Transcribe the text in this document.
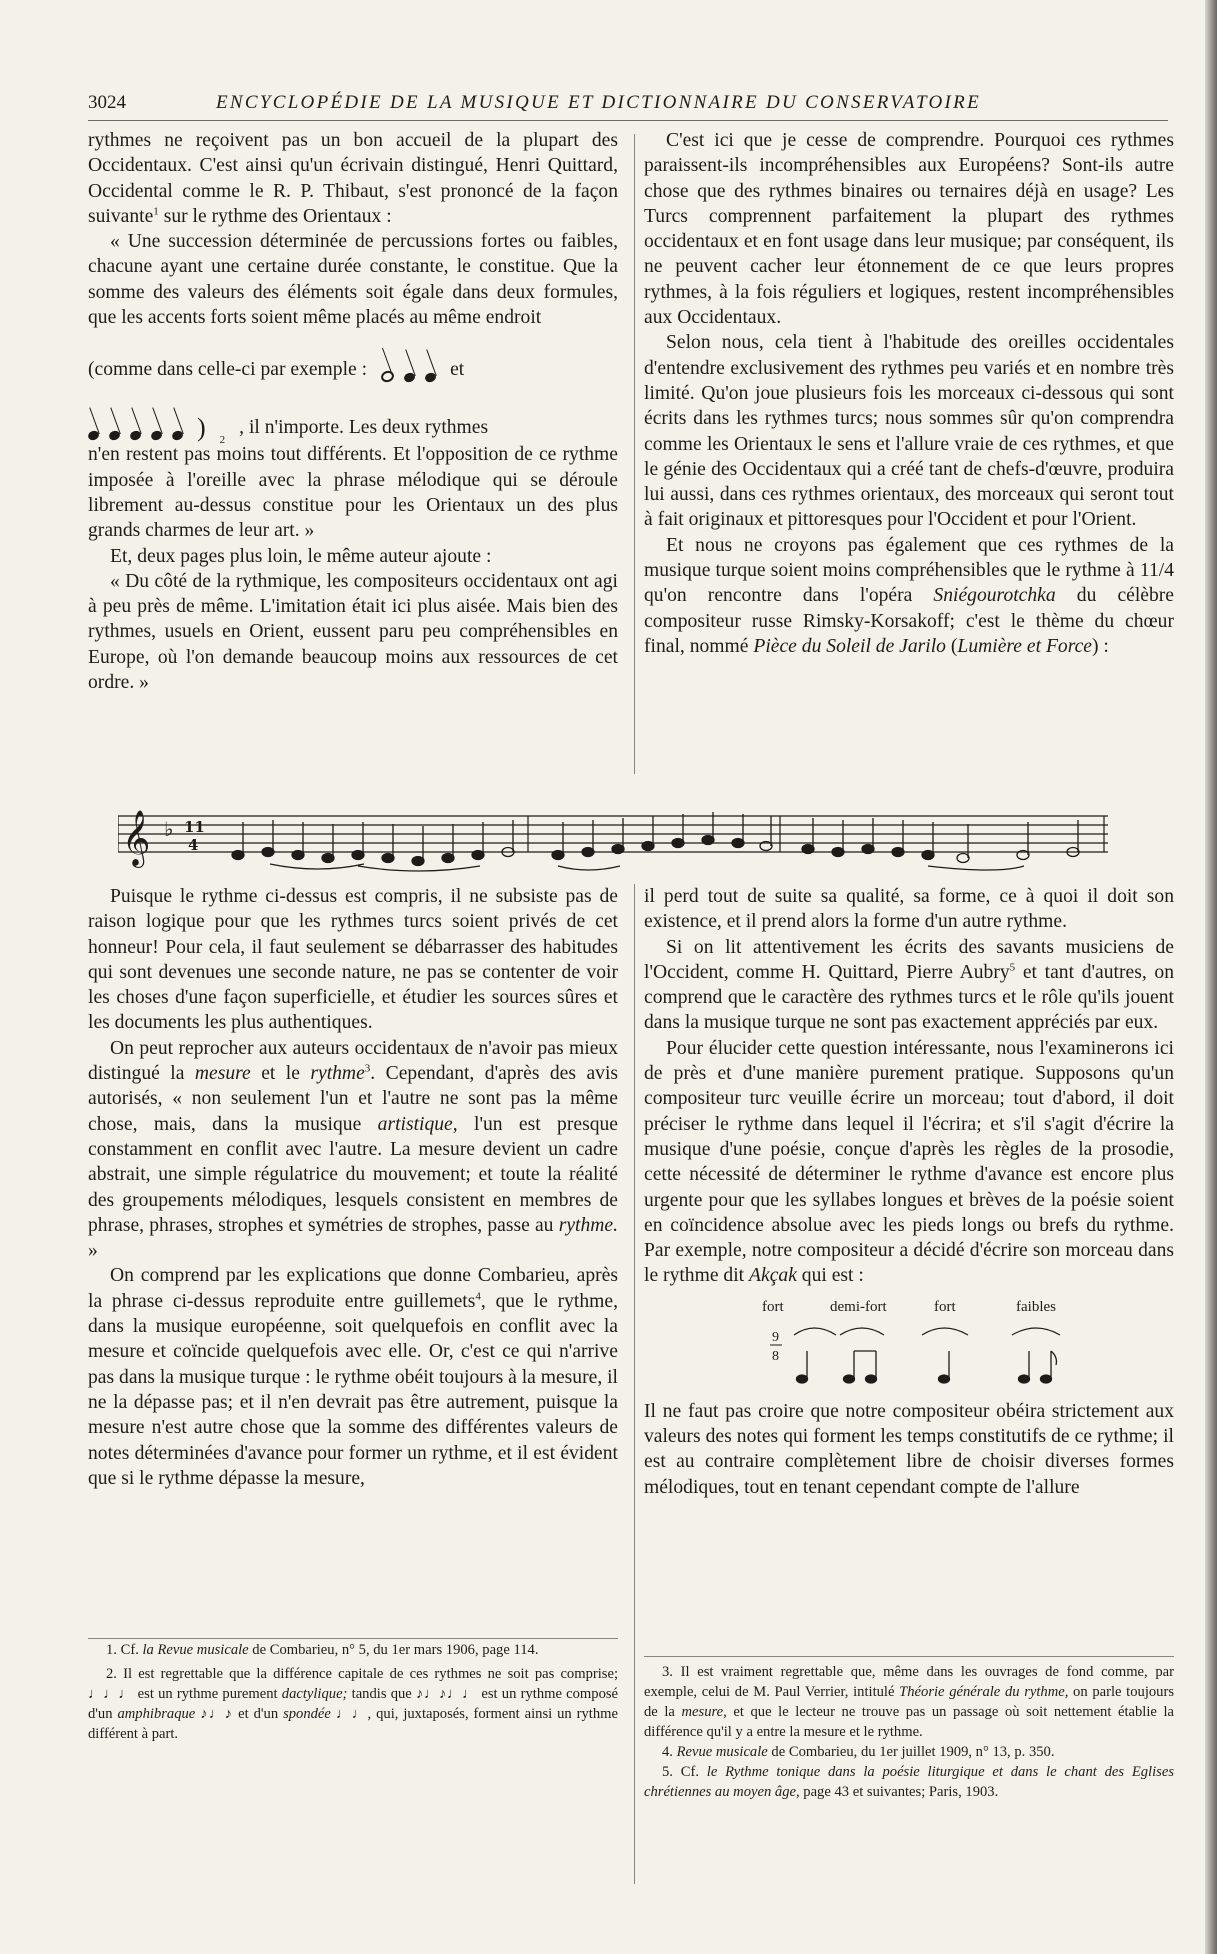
3024	ENCYCLOPÉDIE DE LA MUSIQUE ET DICTIONNAIRE DU CONSERVATOIRE

rythmes ne reçoivent pas un bon accueil de la plupart des Occidentaux. C'est ainsi qu'un écrivain distingué, Henri Quittard, Occidental comme le R. P. Thibaut, s'est prononcé de la façon suivante$^1$ sur le rythme des Orientaux :

« Une succession déterminée de percussions fortes ou faibles, chacune ayant une certaine durée constante, le constitue. Que la somme des valeurs des éléments soit égale dans deux formules, que les accents forts soient même placés au même endroit

(comme dans celle-ci par exemple :	et
) 2
, il n'importe. Les deux rythmes

n'en restent pas moins tout différents. Et l'opposition de ce rythme imposée à l'oreille avec la phrase mélodique qui se déroule librement au-dessus constitue pour les Orientaux un des plus grands charmes de leur art. »

Et, deux pages plus loin, le même auteur ajoute :

« Du côté de la rythmique, les compositeurs occidentaux ont agi à peu près de même. L'imitation était ici plus aisée. Mais bien des rythmes, usuels en Orient, eussent paru peu compréhensibles en Europe, où l'on demande beaucoup moins aux ressources de cet ordre. »

C'est ici que je cesse de comprendre. Pourquoi ces rythmes paraissent-ils incompréhensibles aux Européens? Sont-ils autre chose que des rythmes binaires ou ternaires déjà en usage? Les Turcs comprennent parfaitement la plupart des rythmes occidentaux et en font usage dans leur musique; par conséquent, ils ne peuvent cacher leur étonnement de ce que leurs propres rythmes, à la fois réguliers et logiques, restent incompréhensibles aux Occidentaux.

Selon nous, cela tient à l'habitude des oreilles occidentales d'entendre exclusivement des rythmes peu variés et en nombre très limité. Qu'on joue plusieurs fois les morceaux ci-dessous qui sont écrits dans les rythmes turcs; nous sommes sûr qu'on comprendra comme les Orientaux le sens et l'allure vraie de ces rythmes, et que le génie des Occidentaux qui a créé tant de chefs-d'œuvre, produira lui aussi, dans ces rythmes orientaux, des morceaux qui seront tout à fait originaux et pittoresques pour l'Occident et pour l'Orient.

Et nous ne croyons pas également que ces rythmes de la musique turque soient moins compréhensibles que le rythme à 11/4 qu'on rencontre dans l'opéra Sniégourotchka du célèbre compositeur russe Rimsky-Korsakoff; c'est le thème du chœur final, nommé Pièce du Soleil de Jarilo (Lumière et Force) :

𝄞 ♭ 11
4

Puisque le rythme ci-dessus est compris, il ne subsiste pas de raison logique pour que les rythmes turcs soient privés de cet honneur! Pour cela, il faut seulement se débarrasser des habitudes qui sont devenues une seconde nature, ne pas se contenter de voir les choses d'une façon superficielle, et étudier les sources sûres et les documents les plus authentiques.

On peut reprocher aux auteurs occidentaux de n'avoir pas mieux distingué la mesure et le rythme$^3$. Cependant, d'après des avis autorisés, « non seulement l'un et l'autre ne sont pas la même chose, mais, dans la musique artistique, l'un est presque constamment en conflit avec l'autre. La mesure devient un cadre abstrait, une simple régulatrice du mouvement; et toute la réalité des groupements mélodiques, lesquels consistent en membres de phrase, phrases, strophes et symétries de strophes, passe au rythme. »

On comprend par les explications que donne Combarieu, après la phrase ci-dessus reproduite entre guillemets$^4$, que le rythme, dans la musique européenne, soit quelquefois en conflit avec la mesure et coïncide quelquefois avec elle. Or, c'est ce qui n'arrive pas dans la musique turque : le rythme obéit toujours à la mesure, il ne la dépasse pas; et il n'en devrait pas être autrement, puisque la mesure n'est autre chose que la somme des différentes valeurs de notes déterminées d'avance pour former un rythme, et il est évident que si le rythme dépasse la mesure,

il perd tout de suite sa qualité, sa forme, ce à quoi il doit son existence, et il prend alors la forme d'un autre rythme.

Si on lit attentivement les écrits des savants musiciens de l'Occident, comme H. Quittard, Pierre Aubry$^5$ et tant d'autres, on comprend que le caractère des rythmes turcs et le rôle qu'ils jouent dans la musique turque ne sont pas exactement appréciés par eux.

Pour élucider cette question intéressante, nous l'examinerons ici de près et d'une manière purement pratique. Supposons qu'un compositeur turc veuille écrire un morceau; tout d'abord, il doit préciser le rythme dans lequel il l'écrira; et s'il s'agit d'écrire la musique d'une poésie, conçue d'après les règles de la prosodie, cette nécessité de déterminer le rythme d'avance est encore plus urgente pour que les syllabes longues et brèves de la poésie soient en coïncidence absolue avec les pieds longs ou brefs du rythme. Par exemple, notre compositeur a décidé d'écrire son morceau dans le rythme dit Akçak qui est :

fort	demi-fort	fort	faibles
9
8

Il ne faut pas croire que notre compositeur obéira strictement aux valeurs des notes qui forment les temps constitutifs de ce rythme; il est au contraire complètement libre de choisir diverses formes mélodiques, tout en tenant cependant compte de l'allure

1. Cf. la Revue musicale de Combarieu, n° 5, du 1er mars 1906, page 114.

2. Il est regrettable que la différence capitale de ces rythmes ne soit pas comprise; ♩♩♩ est un rythme purement dactylique; tandis que ♪♩♪♩♩ est un rythme composé d'un amphibraque ♪♩♪ et d'un spondée ♩♩, qui, juxtaposés, forment ainsi un rythme différent à part.

3. Il est vraiment regrettable que, même dans les ouvrages de fond comme, par exemple, celui de M. Paul Verrier, intitulé Théorie générale du rythme, on parle toujours de la mesure, et que le lecteur ne trouve pas un passage où soit nettement établie la différence qu'il y a entre la mesure et le rythme.

4. Revue musicale de Combarieu, du 1er juillet 1909, n° 13, p. 350.

5. Cf. le Rythme tonique dans la poésie liturgique et dans le chant des Eglises chrétiennes au moyen âge, page 43 et suivantes; Paris, 1903.
